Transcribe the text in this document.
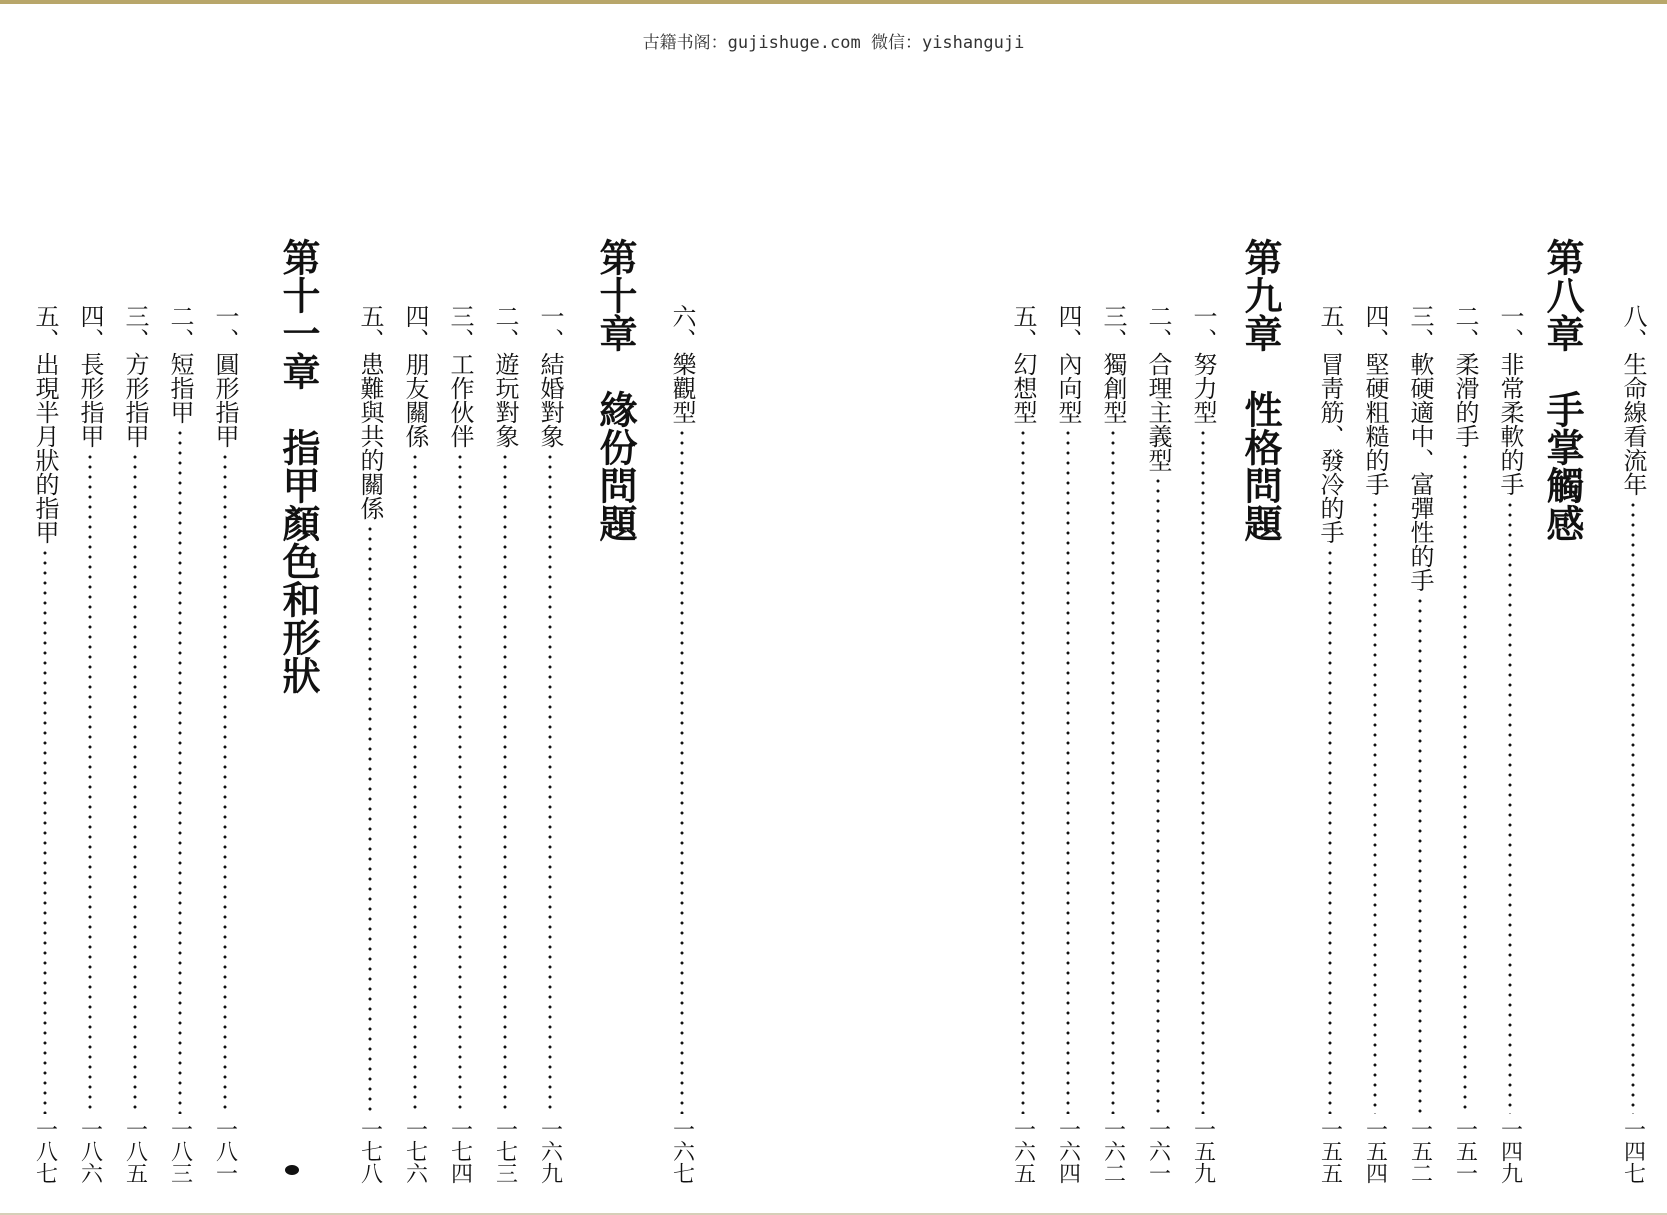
古籍书阁：gujishuge.com 微信：yishanguji
八、
生命線看流年
一四七
第八章　手掌觸感
一、
非常柔軟的手
一四九
二、
柔滑的手
一五一
三、
軟硬適中、富彈性的手
一五二
四、
堅硬粗糙的手
一五四
五、
冒靑筋、發冷的手
一五五
第九章　性格問題
一、
努力型
一五九
二、
合理主義型
一六一
三、
獨創型
一六二
四、
內向型
一六四
五、
幻想型
一六五
六、
樂觀型
一六七
第十章　緣份問題
一、
結婚對象
一六九
二、
遊玩對象
一七三
三、
工作伙伴
一七四
四、
朋友關係
一七六
五、
患難與共的關係
一七八
第十一章　指甲顏色和形狀
一、
圓形指甲
一八一
二、
短指甲
一八三
三、
方形指甲
一八五
四、
長形指甲
一八六
五、
出現半月狀的指甲
一八七
